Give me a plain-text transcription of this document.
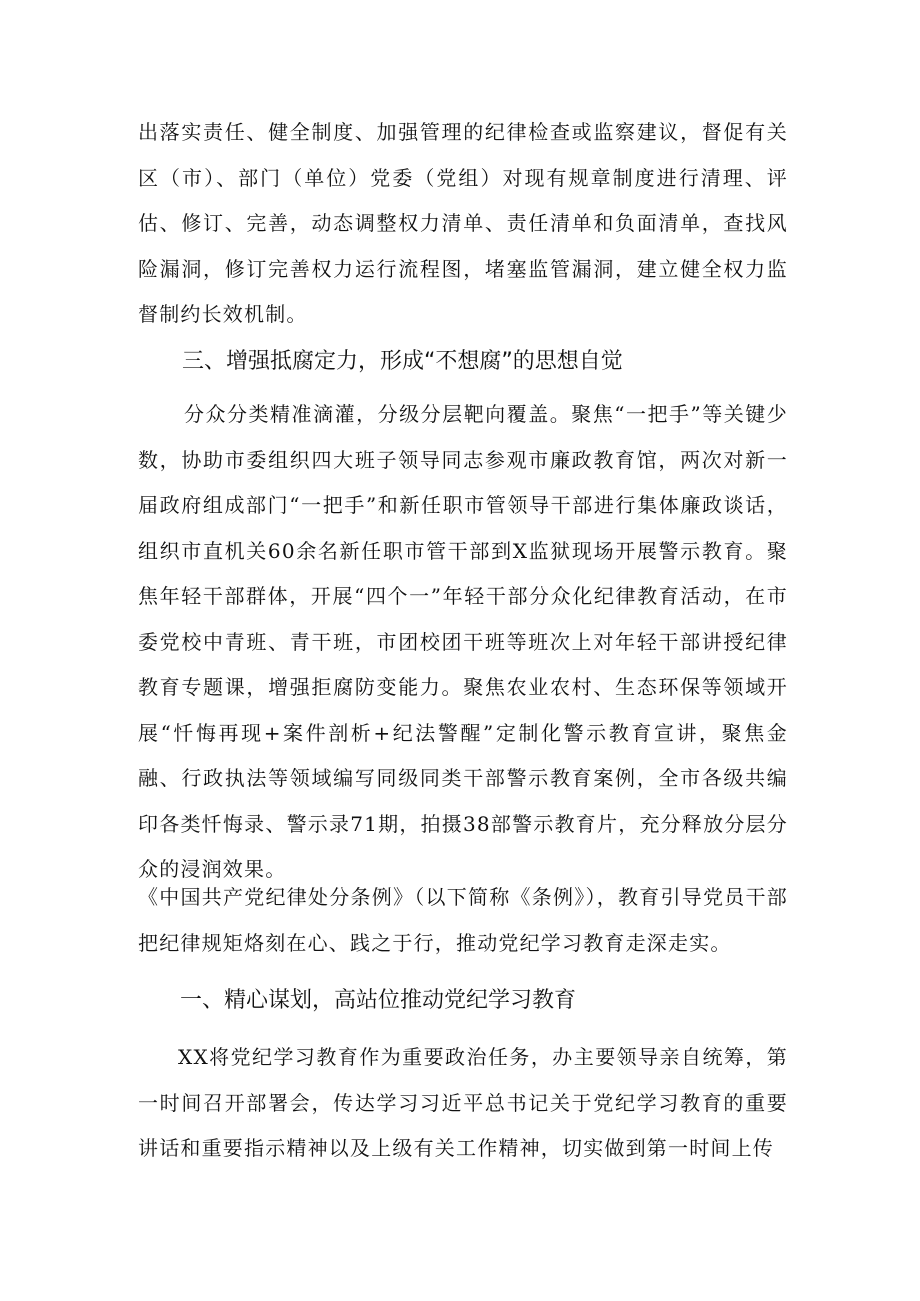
出落实责任、健全制度、加强管理的纪律检查或监察建议，督促有关区（市）、部门（单位）党委（党组）对现有规章制度进行清理、评估、修订、完善，动态调整权力清单、责任清单和负面清单，查找风险漏洞，修订完善权力运行流程图，堵塞监管漏洞，建立健全权力监督制约长效机制。

三、增强抵腐定力，形成“不想腐”的思想自觉

分众分类精准滴灌，分级分层靶向覆盖。聚焦“一把手”等关键少数，协助市委组织四大班子领导同志参观市廉政教育馆，两次对新一届政府组成部门“一把手”和新任职市管领导干部进行集体廉政谈话，组织市直机关60余名新任职市管干部到X监狱现场开展警示教育。聚焦年轻干部群体，开展“四个一”年轻干部分众化纪律教育活动，在市委党校中青班、青干班，市团校团干班等班次上对年轻干部讲授纪律教育专题课，增强拒腐防变能力。聚焦农业农村、生态环保等领域开展“忏悔再现+案件剖析+纪法警醒”定制化警示教育宣讲，聚焦金融、行政执法等领域编写同级同类干部警示教育案例，全市各级共编印各类忏悔录、警示录71期，拍摄38部警示教育片，充分释放分层分众的浸润效果。

《中国共产党纪律处分条例》（以下简称《条例》），教育引导党员干部把纪律规矩烙刻在心、践之于行，推动党纪学习教育走深走实。

一、精心谋划，高站位推动党纪学习教育

XX将党纪学习教育作为重要政治任务，办主要领导亲自统筹，第一时间召开部署会，传达学习习近平总书记关于党纪学习教育的重要讲话和重要指示精神以及上级有关工作精神，切实做到第一时间上传
